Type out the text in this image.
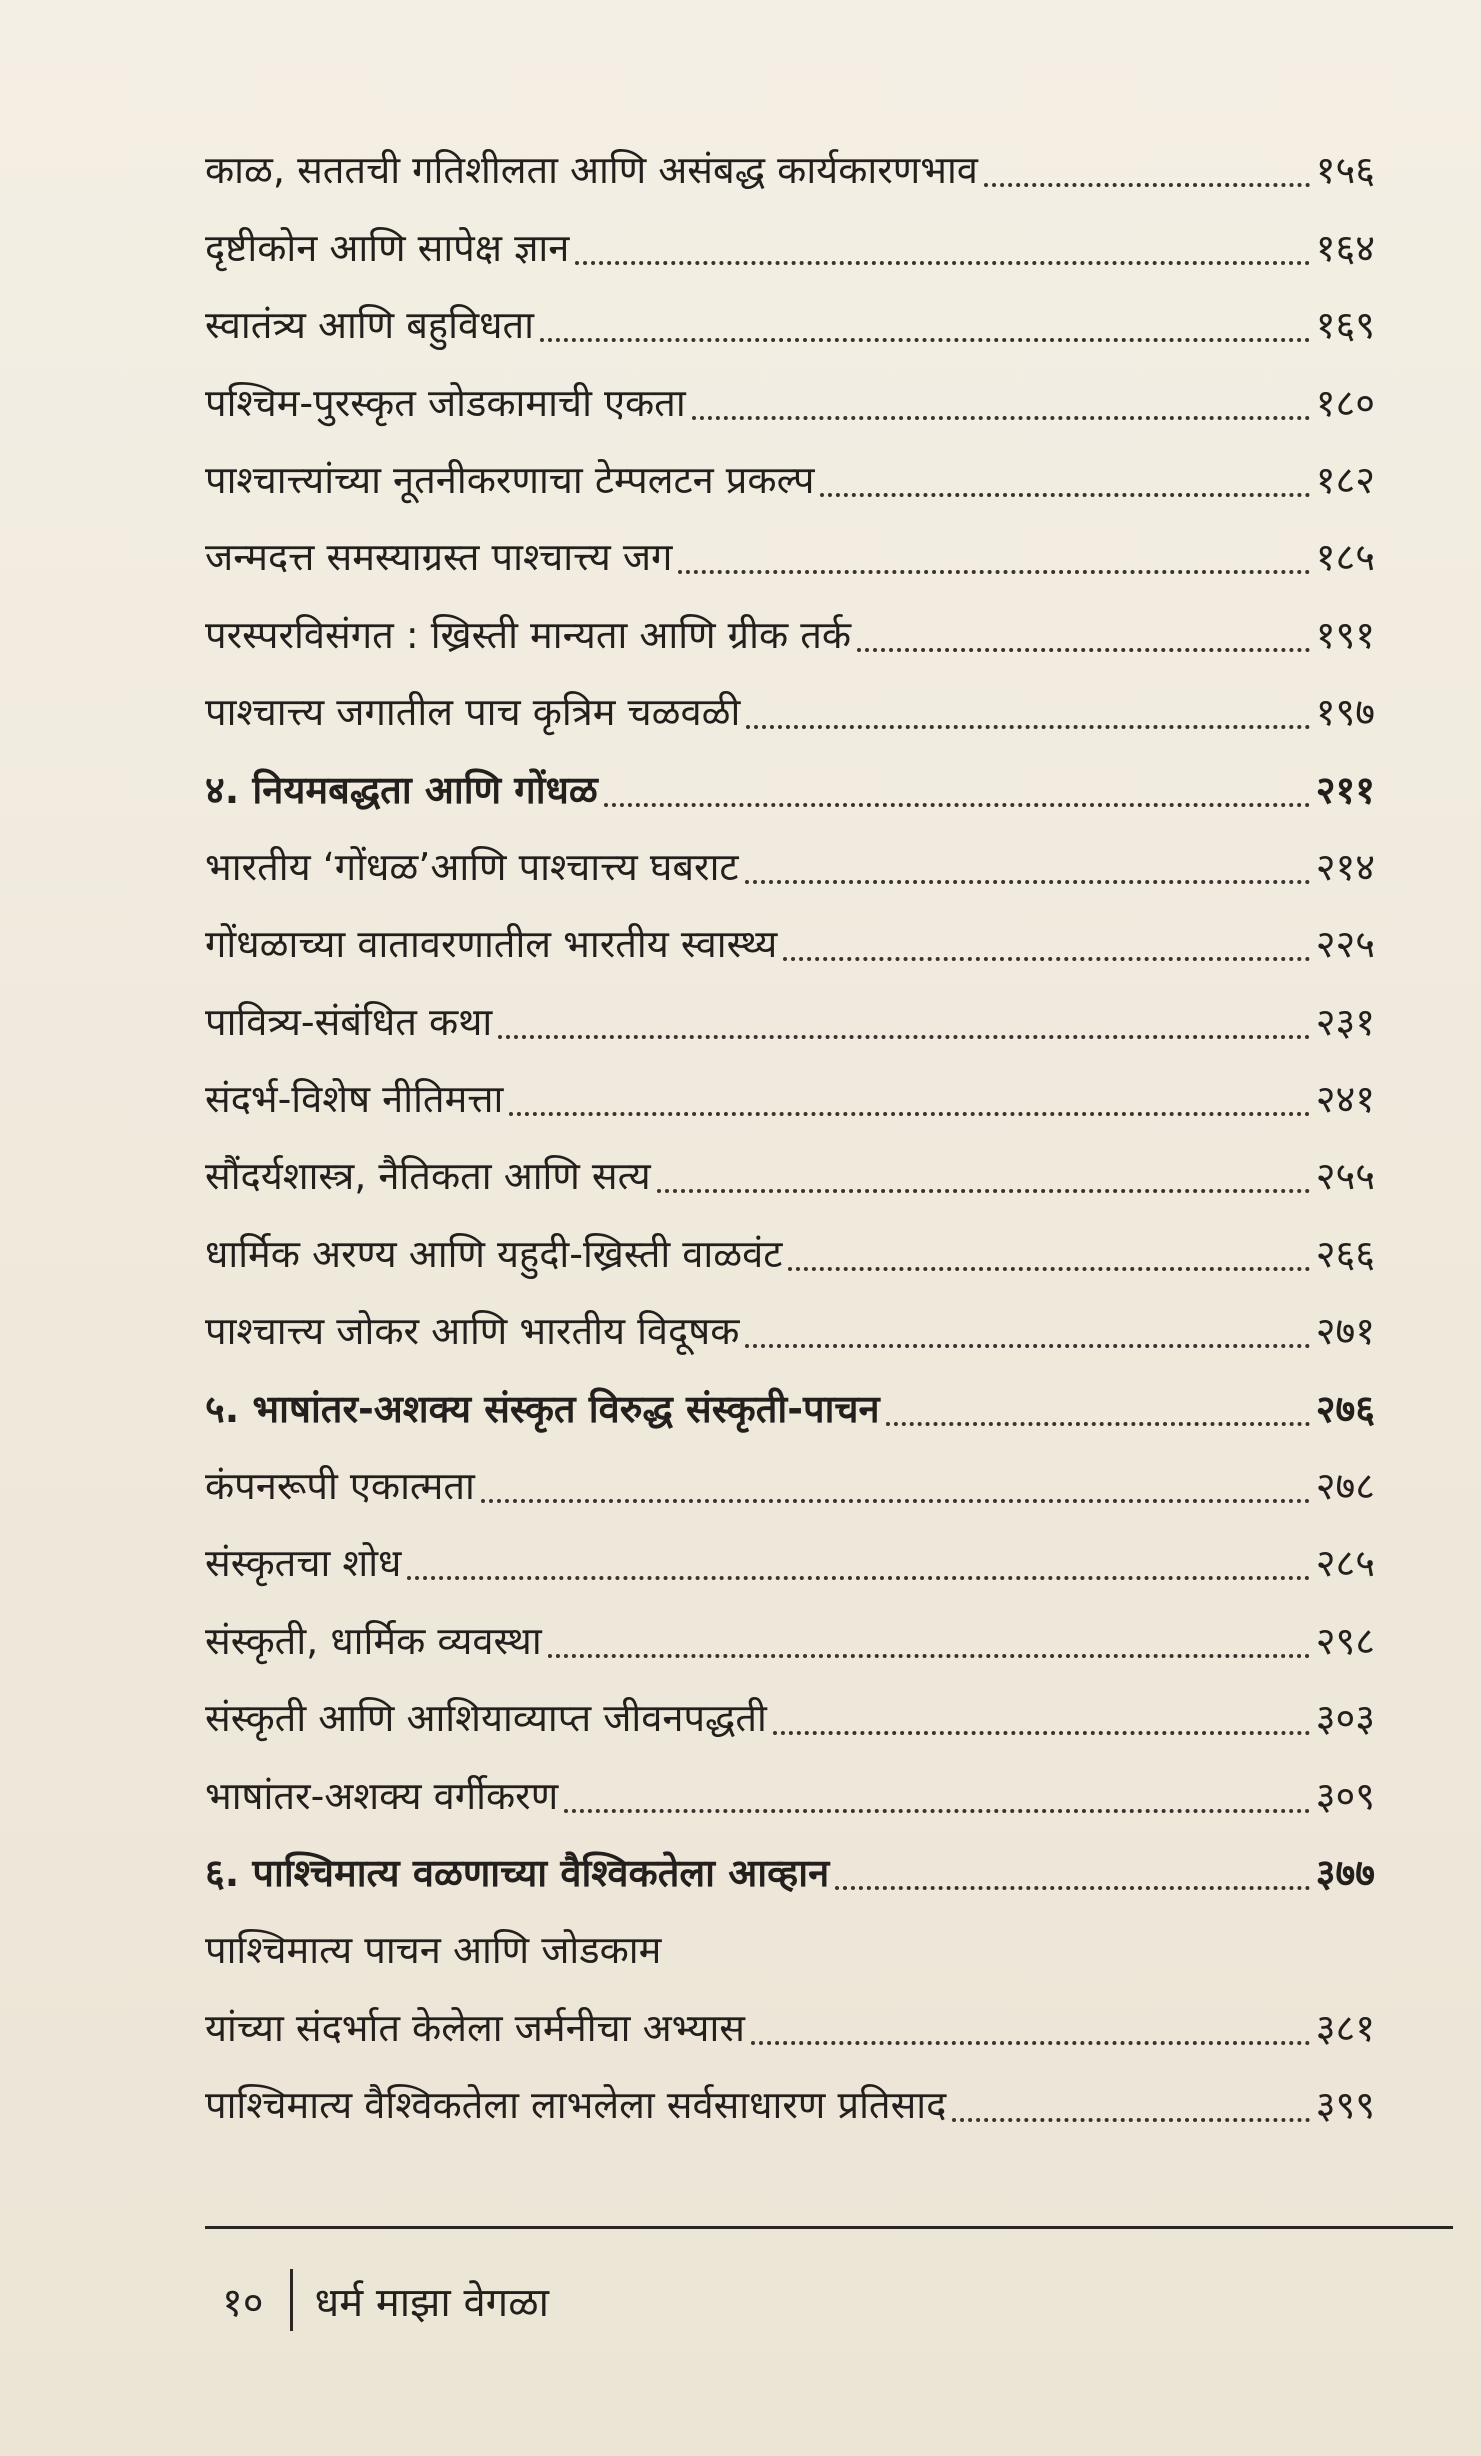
काळ, सततची गतिशीलता आणि असंबद्ध कार्यकारणभाव	१५६
दृष्टीकोन आणि सापेक्ष ज्ञान	१६४
स्वातंत्र्य आणि बहुविधता	१६९
पश्चिम-पुरस्कृत जोडकामाची एकता	१८०
पाश्चात्त्यांच्या नूतनीकरणाचा टेम्पलटन प्रकल्प	१८२
जन्मदत्त समस्याग्रस्त पाश्चात्त्य जग	१८५
परस्परविसंगत : ख्रिस्ती मान्यता आणि ग्रीक तर्क	१९१
पाश्चात्त्य जगातील पाच कृत्रिम चळवळी	१९७
४. नियमबद्धता आणि गोंधळ	२११
भारतीय ‘गोंधळ’आणि पाश्चात्त्य घबराट	२१४
गोंधळाच्या वातावरणातील भारतीय स्वास्थ्य	२२५
पावित्र्य-संबंधित कथा	२३१
संदर्भ-विशेष नीतिमत्ता	२४१
सौंदर्यशास्त्र, नैतिकता आणि सत्य	२५५
धार्मिक अरण्य आणि यहुदी-ख्रिस्ती वाळवंट	२६६
पाश्चात्त्य जोकर आणि भारतीय विदूषक	२७१
५. भाषांतर-अशक्य संस्कृत विरुद्ध संस्कृती-पाचन	२७६
कंपनरूपी एकात्मता	२७८
संस्कृतचा शोध	२८५
संस्कृती, धार्मिक व्यवस्था	२९८
संस्कृती आणि आशियाव्याप्त जीवनपद्धती	३०३
भाषांतर-अशक्य वर्गीकरण	३०९
६. पाश्चिमात्य वळणाच्या वैश्विकतेला आव्हान	३७७
पाश्चिमात्य पाचन आणि जोडकाम
यांच्या संदर्भात केलेला जर्मनीचा अभ्यास	३८१
पाश्चिमात्य वैश्विकतेला लाभलेला सर्वसाधारण प्रतिसाद	३९९
१० धर्म माझा वेगळा
